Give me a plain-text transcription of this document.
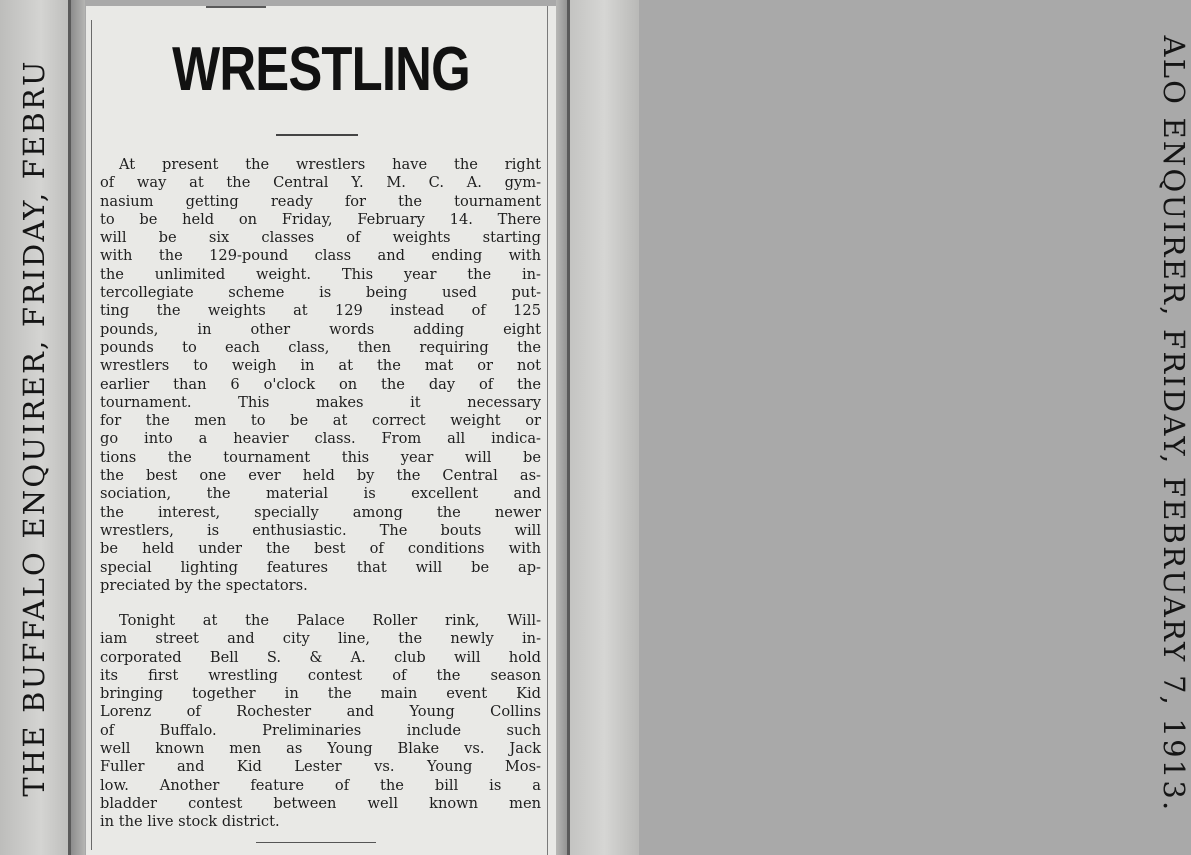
THE BUFFALO ENQUIRER, FRIDAY, FEBRU	ALO ENQUIRER, FRIDAY, FEBRUARY 7, 1913.
WRESTLING
At present the wrestlers have the right
of way at the Central Y. M. C. A. gym-
nasium getting ready for the tournament
to be held on Friday, February 14. There
will be six classes of weights starting
with the 129-pound class and ending with
the unlimited weight. This year the in-
tercollegiate scheme is being used put-
ting the weights at 129 instead of 125
pounds, in other words adding eight
pounds to each class, then requiring the
wrestlers to weigh in at the mat or not
earlier than 6 o'clock on the day of the
tournament. This makes it necessary
for the men to be at correct weight or
go into a heavier class. From all indica-
tions the tournament this year will be
the best one ever held by the Central as-
sociation, the material is excellent and
the interest, specially among the newer
wrestlers, is enthusiastic. The bouts will
be held under the best of conditions with
special lighting features that will be ap-
preciated by the spectators.
Tonight at the Palace Roller rink, Will-
iam street and city line, the newly in-
corporated Bell S. & A. club will hold
its first wrestling contest of the season
bringing together in the main event Kid
Lorenz of Rochester and Young Collins
of Buffalo. Preliminaries include such
well known men as Young Blake vs. Jack
Fuller and Kid Lester vs. Young Mos-
low. Another feature of the bill is a
bladder contest between well known men
in the live stock district.
